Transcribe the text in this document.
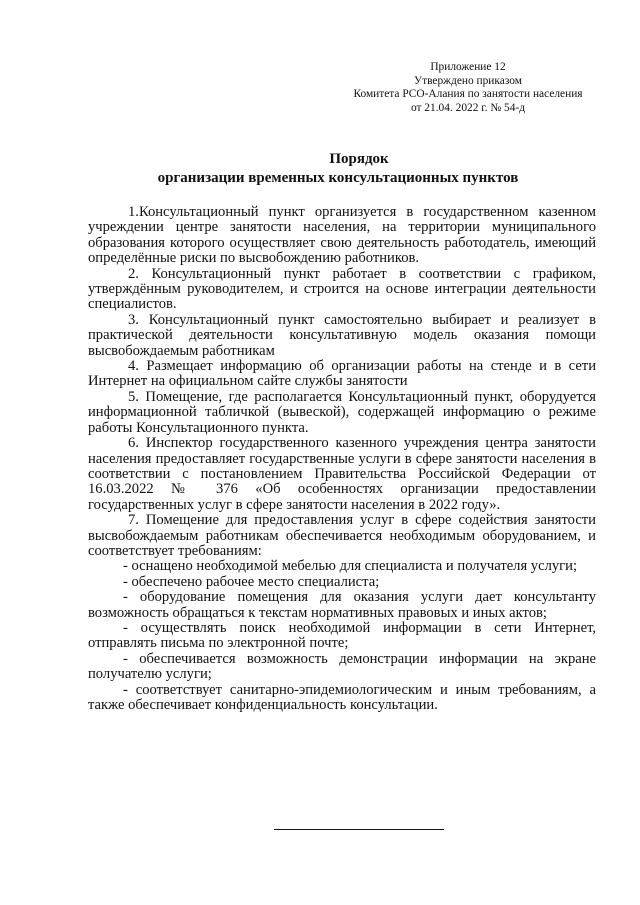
Приложение 12
Утверждено приказом
Комитета РСО-Алания по занятости населения
от 21.04. 2022 г. № 54-д
Порядок
организации временных консультационных пунктов

1.Консультационный пункт организуется в государственном казенном учреждении центре занятости населения, на территории муниципального образования которого осуществляет свою деятельность работодатель, имеющий определённые риски по высвобождению работников.

2. Консультационный пункт работает в соответствии с графиком, утверждённым руководителем, и строится на основе интеграции деятельности специалистов.

3. Консультационный пункт самостоятельно выбирает и реализует в практической деятельности консультативную модель оказания помощи высвобождаемым работникам

4. Размещает информацию об организации работы на стенде и в сети Интернет на официальном сайте службы занятости

5. Помещение, где располагается Консультационный пункт, оборудуется информационной табличкой (вывеской), содержащей информацию о режиме работы Консультационного пункта.

6. Инспектор государственного казенного учреждения центра занятости населения предоставляет государственные услуги в сфере занятости населения в соответствии с постановлением Правительства Российской Федерации от 16.03.2022 № 376 «Об особенностях организации предоставлении государственных услуг в сфере занятости населения в 2022 году».

7. Помещение для предоставления услуг в сфере содействия занятости высвобождаемым работникам обеспечивается необходимым оборудованием, и соответствует требованиям:

- оснащено необходимой мебелью для специалиста и получателя услуги;

- обеспечено рабочее место специалиста;

- оборудование помещения для оказания услуги дает консультанту возможность обращаться к текстам нормативных правовых и иных актов;

- осуществлять поиск необходимой информации в сети Интернет, отправлять письма по электронной почте;

- обеспечивается возможность демонстрации информации на экране получателю услуги;

- соответствует санитарно-эпидемиологическим и иным требованиям, а также обеспечивает конфиденциальность консультации.
